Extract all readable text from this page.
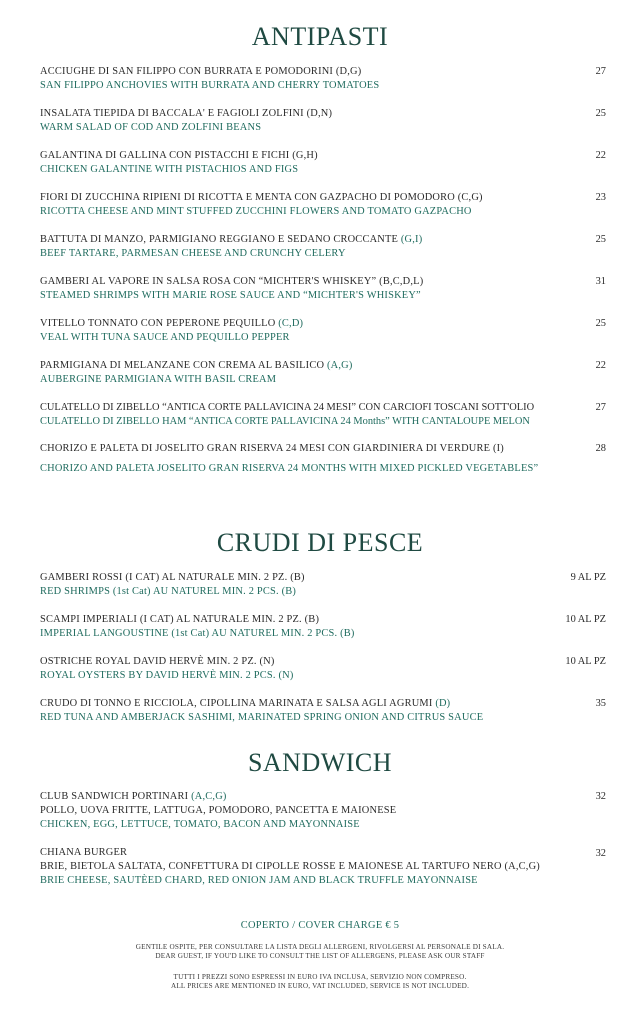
ANTIPASTI
ACCIUGHE DI SAN FILIPPO CON BURRATA E POMODORINI (D,G)
SAN FILIPPO ANCHOVIES WITH BURRATA AND CHERRY TOMATOES
27
INSALATA TIEPIDA DI BACCALA' E FAGIOLI ZOLFINI (D,N)
WARM SALAD OF COD AND ZOLFINI BEANS
25
GALANTINA DI GALLINA CON PISTACCHI E FICHI (G,H)
CHICKEN GALANTINE WITH PISTACHIOS AND FIGS
22
FIORI DI ZUCCHINA RIPIENI DI RICOTTA E MENTA CON GAZPACHO DI POMODORO (C,G)
RICOTTA CHEESE AND MINT STUFFED ZUCCHINI FLOWERS AND TOMATO GAZPACHO
23
BATTUTA DI MANZO, PARMIGIANO REGGIANO E SEDANO CROCCANTE (G,I)
BEEF TARTARE, PARMESAN CHEESE AND CRUNCHY CELERY
25
GAMBERI AL VAPORE IN SALSA ROSA CON “MICHTER'S WHISKEY” (B,C,D,L)
STEAMED SHRIMPS WITH MARIE ROSE SAUCE AND “MICHTER'S WHISKEY”
31
VITELLO TONNATO CON PEPERONE PEQUILLO (C,D)
VEAL WITH TUNA SAUCE AND PEQUILLO PEPPER
25
PARMIGIANA DI MELANZANE CON CREMA AL BASILICO (A,G)
AUBERGINE PARMIGIANA WITH BASIL CREAM
22
CULATELLO DI ZIBELLO “ANTICA CORTE PALLAVICINA 24 MESI” CON CARCIOFI TOSCANI SOTT'OLIO
CULATELLO DI ZIBELLO HAM “ANTICA CORTE PALLAVICINA 24 Months” WITH CANTALOUPE MELON
27
CHORIZO E PALETA DI JOSELITO GRAN RISERVA 24 MESI CON GIARDINIERA DI VERDURE (I)
CHORIZO AND PALETA JOSELITO GRAN RISERVA 24 MONTHS WITH MIXED PICKLED VEGETABLES”
28
CRUDI DI PESCE
GAMBERI ROSSI (I CAT) AL NATURALE MIN. 2 PZ. (B)
RED SHRIMPS (1st Cat) AU NATUREL MIN. 2 PCS. (B)
9 AL PZ
SCAMPI IMPERIALI (I CAT) AL NATURALE MIN. 2 PZ. (B)
IMPERIAL LANGOUSTINE (1st Cat) AU NATUREL MIN. 2 PCS. (B)
10 AL PZ
OSTRICHE ROYAL DAVID HERVÈ MIN. 2 PZ. (N)
ROYAL OYSTERS BY DAVID HERVÈ MIN. 2 PCS. (N)
10 AL PZ
CRUDO DI TONNO E RICCIOLA, CIPOLLINA MARINATA E SALSA AGLI AGRUMI (D)
RED TUNA AND AMBERJACK SASHIMI, MARINATED SPRING ONION AND CITRUS SAUCE
35
SANDWICH
CLUB SANDWICH PORTINARI (A,C,G)
POLLO, UOVA FRITTE, LATTUGA, POMODORO, PANCETTA E MAIONESE
CHICKEN, EGG, LETTUCE, TOMATO, BACON AND MAYONNAISE
32
CHIANA BURGER
BRIE, BIETOLA SALTATA, CONFETTURA DI CIPOLLE ROSSE E MAIONESE AL TARTUFO NERO (A,C,G)
BRIE CHEESE, SAUTÈED CHARD, RED ONION JAM AND BLACK TRUFFLE MAYONNAISE
32
COPERTO / COVER CHARGE € 5
GENTILE OSPITE, PER CONSULTARE LA LISTA DEGLI ALLERGENI, RIVOLGERSI AL PERSONALE DI SALA.
DEAR GUEST, IF YOU'D LIKE TO CONSULT THE LIST OF ALLERGENS, PLEASE ASK OUR STAFF
TUTTI I PREZZI SONO ESPRESSI IN EURO IVA INCLUSA, SERVIZIO NON COMPRESO.
ALL PRICES ARE MENTIONED IN EURO, VAT INCLUDED, SERVICE IS NOT INCLUDED.
